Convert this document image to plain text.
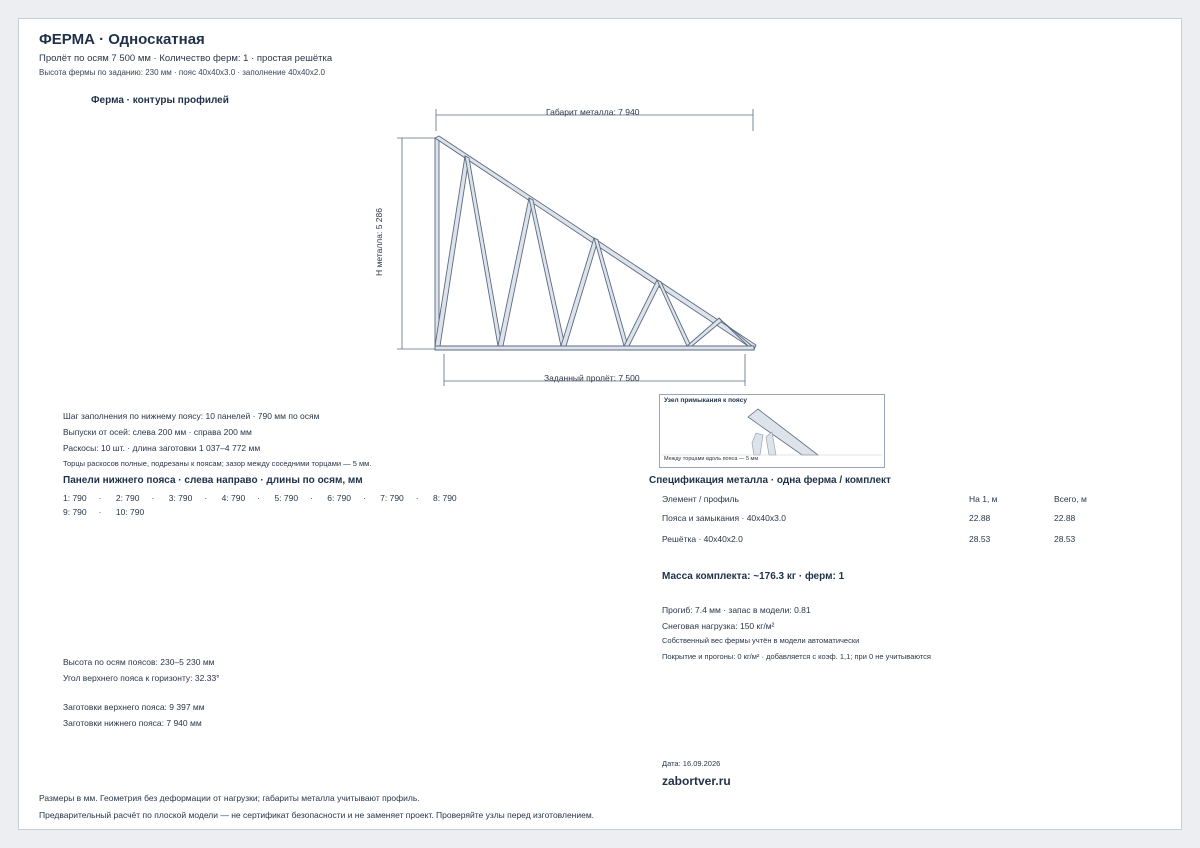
ФЕРМА · Односкатная
Пролёт по осям 7 500 мм · Количество ферм: 1 · простая решётка
Высота фермы по заданию: 230 мм · пояс 40x40x3.0 · заполнение 40x40x2.0
Ферма · контуры профилей
Габарит металла: 7 940
Н металла: 5 286
Заданный пролёт: 7 500
Узел примыкания к поясу
Между торцами вдоль пояса — 5 мм
Шаг заполнения по нижнему поясу: 10 панелей · 790 мм по осям
Выпуски от осей: слева 200 мм · справа 200 мм
Раскосы: 10 шт. · длина заготовки 1 037–4 772 мм
Торцы раскосов полные, подрезаны к поясам; зазор между соседними торцами — 5 мм.
Панели нижнего пояса · слева направо · длины по осям, мм
1: 790 · 2: 790 · 3: 790 · 4: 790 · 5: 790 · 6: 790 · 7: 790 · 8: 790
9: 790 · 10: 790
Высота по осям поясов: 230–5 230 мм
Угол верхнего пояса к горизонту: 32.33°
Заготовки верхнего пояса: 9 397 мм
Заготовки нижнего пояса: 7 940 мм
Спецификация металла · одна ферма / комплект
Элемент / профиль	На 1, м	Всего, м
Пояса и замыкания · 40x40x3.0	22.88	22.88
Решётка · 40x40x2.0	28.53	28.53
Масса комплекта: ~176.3 кг · ферм: 1
Прогиб: 7.4 мм · запас в модели: 0.81
Снеговая нагрузка: 150 кг/м²
Собственный вес фермы учтён в модели автоматически
Покрытие и прогоны: 0 кг/м² · добавляется с коэф. 1,1; при 0 не учитываются
Дата: 16.09.2026
zabortver.ru
Размеры в мм. Геометрия без деформации от нагрузки; габариты металла учитывают профиль.
Предварительный расчёт по плоской модели — не сертификат безопасности и не заменяет проект. Проверяйте узлы перед изготовлением.
